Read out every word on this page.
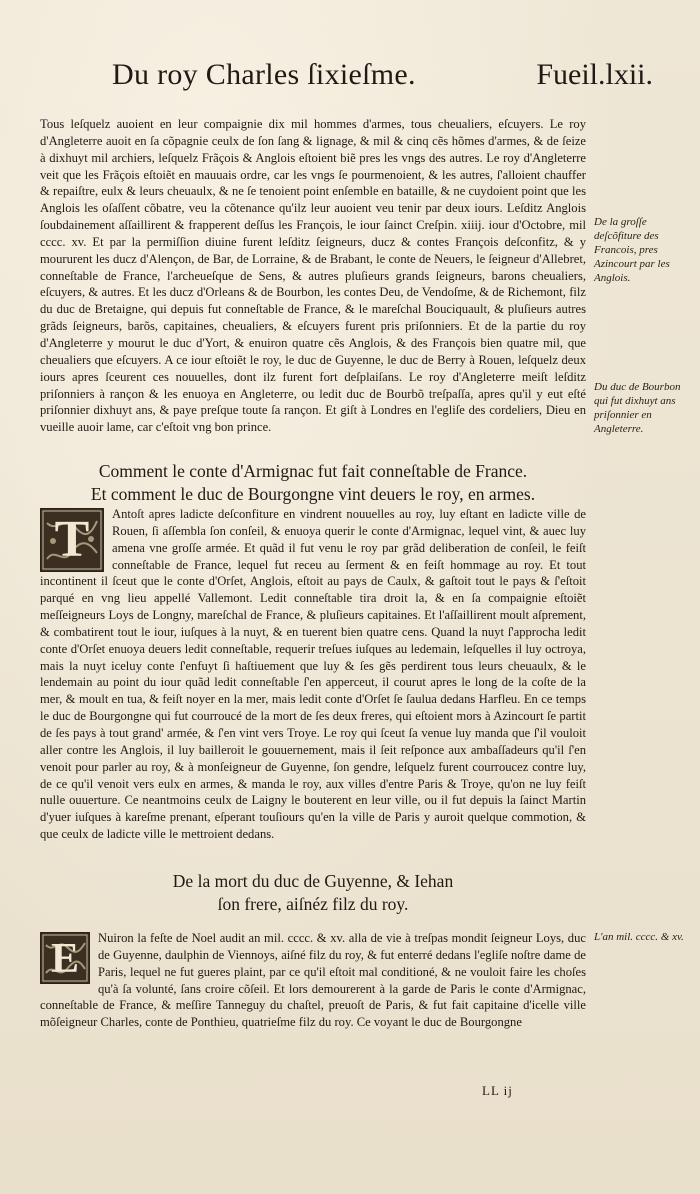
Du roy Charles ſixieſme.	Fueil.lxii.

Tous leſquelz auoient en leur compaignie dix mil hommes d'armes, tous cheualiers, eſcuyers. Le roy d'Angleterre auoit en ſa cõpagnie ceulx de ſon ſang & lignage, & mil & cinq cẽs hõmes d'armes, & de ſeize à dixhuyt mil archiers, leſquelz Frãçois & Anglois eſtoient biẽ pres les vngs des autres. Le roy d'Angleterre veit que les Frãçois eſtoiẽt en mauuais ordre, car les vngs ſe pourmenoient, & les autres, ſ'alloient chauffer & repaiſtre, eulx & leurs cheuaulx, & ne ſe tenoient point enſemble en bataille, & ne cuydoient point que les Anglois les oſaſſent cõbatre, veu la cõtenance qu'ilz leur auoient veu tenir par deux iours. Leſditz Anglois ſoubdainement aſſaillirent & frapperent deſſus les François, le iour ſainct Creſpin. xiiij. iour d'Octobre, mil cccc. xv. Et par la permiſſion diuine furent leſditz ſeigneurs, ducz & contes François deſconfitz, & y moururent les ducz d'Alençon, de Bar, de Lorraine, & de Brabant, le conte de Neuers, le ſeigneur d'Allebret, conneſtable de France, l'archeueſque de Sens, & autres pluſieurs grands ſeigneurs, barons cheualiers, eſcuyers, & autres. Et les ducz d'Orleans & de Bourbon, les contes Deu, de Vendoſme, & de Richemont, filz du duc de Bretaigne, qui depuis fut conneſtable de France, & le mareſchal Bouciquault, & pluſieurs autres grãds ſeigneurs, barõs, capitaines, cheualiers, & eſcuyers furent pris priſonniers. Et de la partie du roy d'Angleterre y mourut le duc d'Yort, & enuiron quatre cẽs Anglois, & des François bien quatre mil, que cheualiers que eſcuyers. A ce iour eſtoiẽt le roy, le duc de Guyenne, le duc de Berry à Rouen, leſquelz deux iours apres ſceurent ces nouuelles, dont ilz furent fort deſplaiſans. Le roy d'Angleterre meiſt leſditz priſonniers à rançon & les enuoya en Angleterre, ou ledit duc de Bourbõ treſpaſſa, apres qu'il y eut eſté priſonnier dixhuyt ans, & paye preſque toute ſa rançon. Et giſt à Londres en l'egliſe des cordeliers, Dieu en vueille auoir lame, car c'eſtoit vng bon prince.

De la groſſe deſcõfiture des Francois, pres Azincourt par les Anglois.
Du duc de Bourbon qui fut dixhuyt ans priſonnier en Angleterre.
Comment le conte d'Armignac fut fait conneſtable de France.
Et comment le duc de Bourgongne vint deuers le roy, en armes.
T	Antoſt apres ladicte deſconfiture en vindrent nouuelles au roy, luy eſtant en ladicte ville de Rouen, ſi aſſembla ſon conſeil, & enuoya querir le conte d'Armignac, lequel vint, & auec luy amena vne groſſe armée. Et quãd il fut venu le roy par grãd deliberation de conſeil, le feiſt conneſtable de France, lequel fut receu au ſerment & en feiſt hommage au roy. Et tout incontinent il ſceut que le conte d'Orſet, Anglois, eſtoit au pays de Caulx, & gaſtoit tout le pays & ſ'eſtoit parqué en vng lieu appellé Vallemont. Ledit conneſtable tira droit la, & en ſa compaignie eſtoiẽt meſſeigneurs Loys de Longny, mareſchal de France, & pluſieurs capitaines. Et l'aſſaillirent moult aſprement, & combatirent tout le iour, iuſques à la nuyt, & en tuerent bien quatre cens. Quand la nuyt ſ'approcha ledit conte d'Orſet enuoya deuers ledit conneſtable, requerir treſues iuſques au ledemain, leſquelles il luy octroya, mais la nuyt iceluy conte ſ'enfuyt ſi haſtiuement que luy & ſes gẽs perdirent tous leurs cheuaulx, & le lendemain au point du iour quãd ledit conneſtable ſ'en apperceut, il courut apres le long de la coſte de la mer, & moult en tua, & feiſt noyer en la mer, mais ledit conte d'Orſet ſe ſaulua dedans Harfleu. En ce temps le duc de Bourgongne qui fut courroucé de la mort de ſes deux freres, qui eſtoient mors à Azincourt ſe partit de ſes pays à tout grand' armée, & ſ'en vint vers Troye. Le roy qui ſceut ſa venue luy manda que ſ'il vouloit aller contre les Anglois, il luy bailleroit le gouuernement, mais il ſeit reſponce aux ambaſſadeurs qu'il ſ'en venoit pour parler au roy, & à monſeigneur de Guyenne, ſon gendre, leſquelz furent courroucez contre luy, de ce qu'il venoit vers eulx en armes, & manda le roy, aux villes d'entre Paris & Troye, qu'on ne luy feiſt nulle ouuerture. Ce neantmoins ceulx de Laigny le bouterent en leur ville, ou il fut depuis la ſainct Martin d'yuer iuſques à kareſme prenant, eſperant touſiours qu'en la ville de Paris y auroit quelque commotion, & que ceulx de ladicte ville le mettroient dedans.

De la mort du duc de Guyenne, & Iehan
ſon frere, aiſnéz filz du roy.
E	Nuiron la feſte de Noel audit an mil. cccc. & xv. alla de vie à treſpas mondit ſeigneur Loys, duc de Guyenne, daulphin de Viennoys, aiſné filz du roy, & fut enterré dedans l'egliſe noſtre dame de Paris, lequel ne fut gueres plaint, par ce qu'il eſtoit mal conditioné, & ne vouloit faire les choſes qu'à ſa volunté, ſans croire cõſeil. Et lors demourerent à la garde de Paris le conte d'Armignac, conneſtable de France, & meſſire Tanneguy du chaſtel, preuoſt de Paris, & fut fait capitaine d'icelle ville mõſeigneur Charles, conte de Ponthieu, quatrieſme filz du roy. Ce voyant le duc de Bourgongne

L'an mil. cccc. & xv.
LL ij
